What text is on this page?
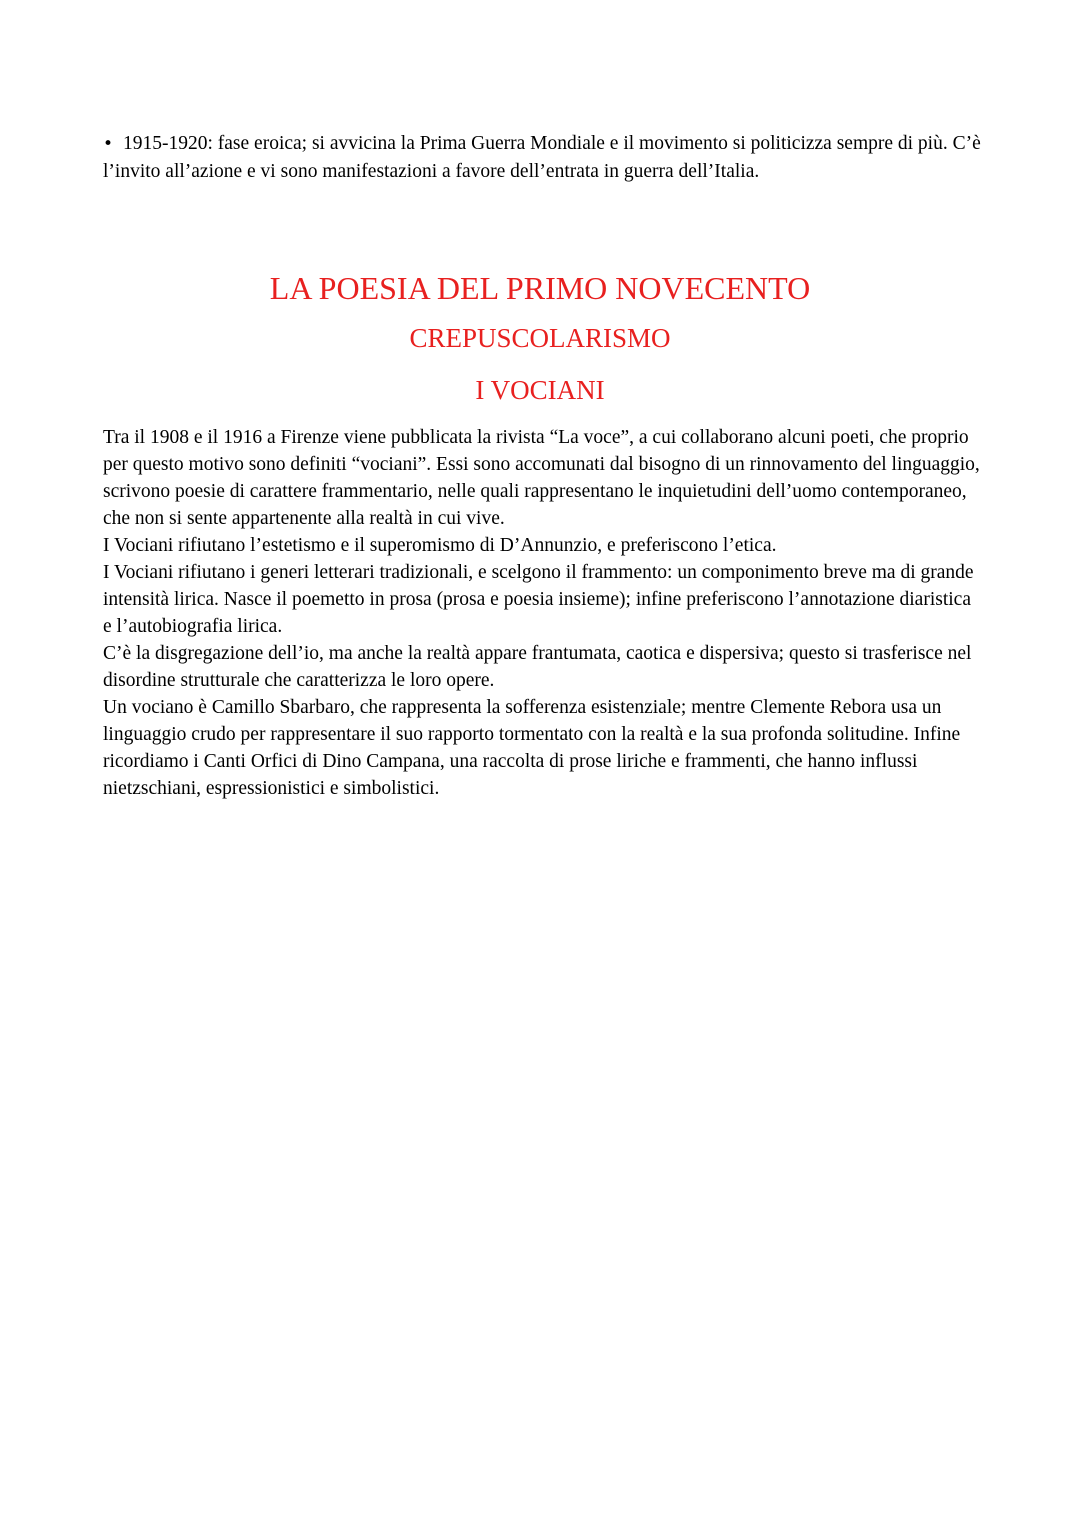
• 1915-1920: fase eroica; si avvicina la Prima Guerra Mondiale e il movimento si politicizza sempre di più. C’è l’invito all’azione e vi sono manifestazioni a favore dell’entrata in guerra dell’Italia.

LA POESIA DEL PRIMO NOVECENTO
CREPUSCOLARISMO
I VOCIANI

Tra il 1908 e il 1916 a Firenze viene pubblicata la rivista “La voce”, a cui collaborano alcuni poeti, che proprio per questo motivo sono definiti “vociani”. Essi sono accomunati dal bisogno di un rinnovamento del linguaggio, scrivono poesie di carattere frammentario, nelle quali rappresentano le inquietudini dell’uomo contemporaneo, che non si sente appartenente alla realtà in cui vive.

I Vociani rifiutano l’estetismo e il superomismo di D’Annunzio, e preferiscono l’etica.

I Vociani rifiutano i generi letterari tradizionali, e scelgono il frammento: un componimento breve ma di grande intensità lirica. Nasce il poemetto in prosa (prosa e poesia insieme); infine preferiscono l’annotazione diaristica e l’autobiografia lirica.

C’è la disgregazione dell’io, ma anche la realtà appare frantumata, caotica e dispersiva; questo si trasferisce nel disordine strutturale che caratterizza le loro opere.

Un vociano è Camillo Sbarbaro, che rappresenta la sofferenza esistenziale; mentre Clemente Rebora usa un linguaggio crudo per rappresentare il suo rapporto tormentato con la realtà e la sua profonda solitudine. Infine ricordiamo i Canti Orfici di Dino Campana, una raccolta di prose liriche e frammenti, che hanno influssi nietzschiani, espressionistici e simbolistici.
